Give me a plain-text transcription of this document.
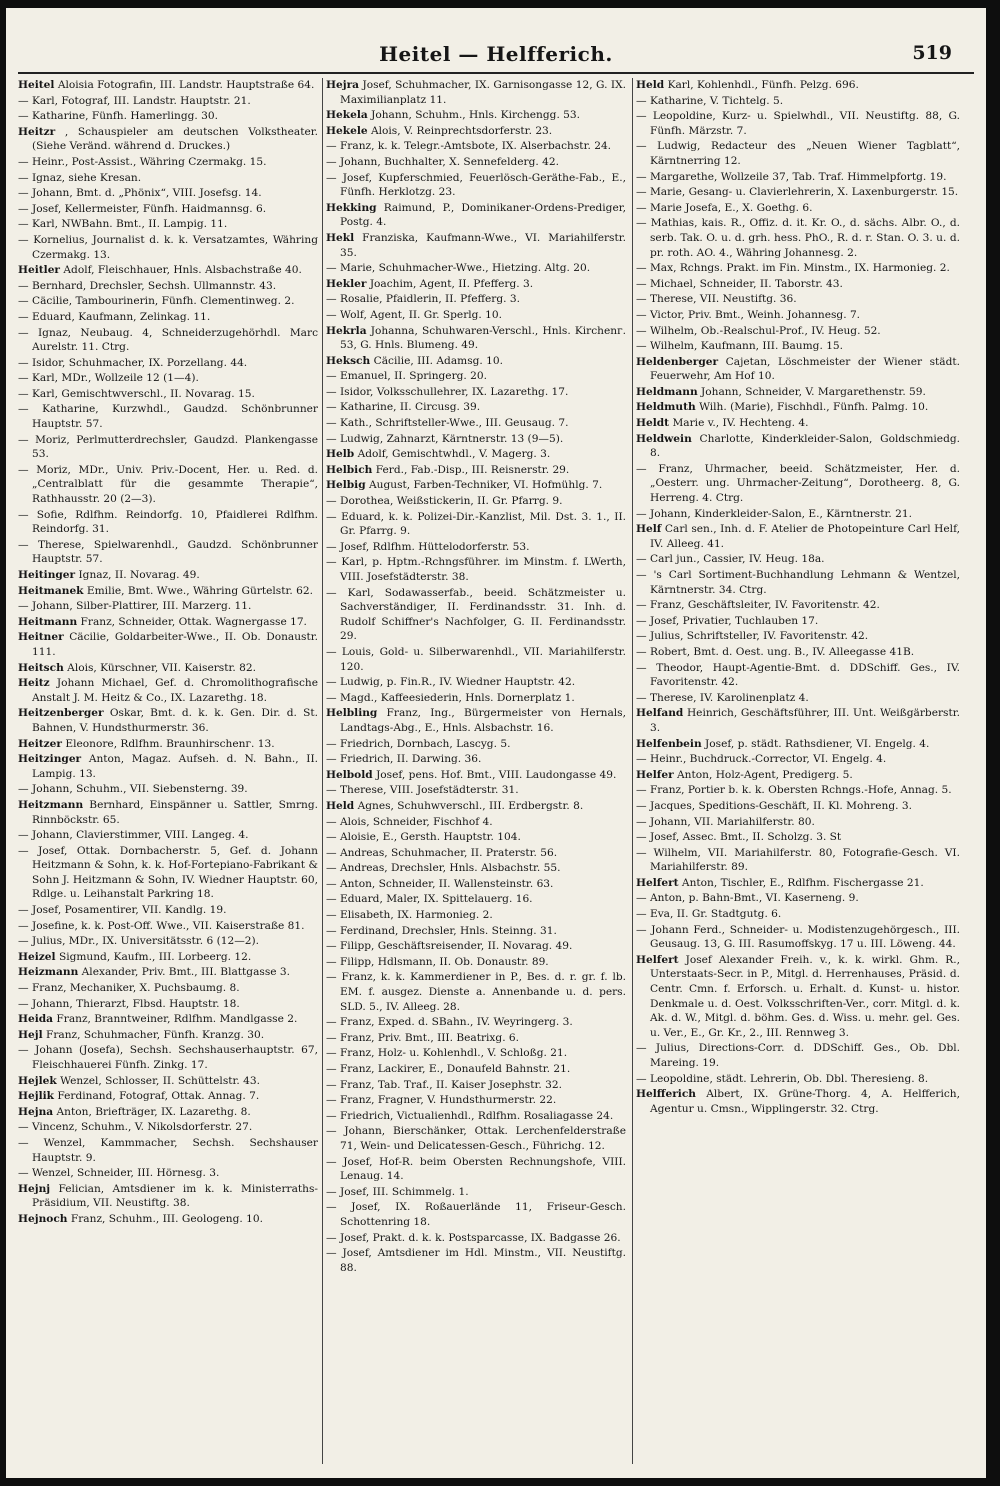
Heitel — Helfferich.	519
Heitel Aloisia Fotografin, III. Landstr. Hauptstraße 64.
— Karl, Fotograf, III. Landstr. Hauptstr. 21.
— Katharine, Fünfh. Hamerlingg. 30.
Heitzr , Schauspieler am deutschen Volkstheater. (Siehe Veränd. während d. Druckes.)
— Heinr., Post-Assist., Währing Czermakg. 15.
— Ignaz, siehe Kresan.
— Johann, Bmt. d. „Phönix“, VIII. Josefsg. 14.
— Josef, Kellermeister, Fünfh. Haidmannsg. 6.
— Karl, NWBahn. Bmt., II. Lampig. 11.
— Kornelius, Journalist d. k. k. Versatzamtes, Währing Czermakg. 13.
Heitler Adolf, Fleischhauer, Hnls. Alsbachstraße 40.
— Bernhard, Drechsler, Sechsh. Ullmannstr. 43.
— Cäcilie, Tambourinerin, Fünfh. Clementinweg. 2.
— Eduard, Kaufmann, Zelinkag. 11.
— Ignaz, Neubaug. 4, Schneiderzugehörhdl. Marc Aurelstr. 11. Ctrg.
— Isidor, Schuhmacher, IX. Porzellang. 44.
— Karl, MDr., Wollzeile 12 (1—4).
— Karl, Gemischtwverschl., II. Novarag. 15.
— Katharine, Kurzwhdl., Gaudzd. Schönbrunner Hauptstr. 57.
— Moriz, Perlmutterdrechsler, Gaudzd. Plankengasse 53.
— Moriz, MDr., Univ. Priv.-Docent, Her. u. Red. d. „Centralblatt für die gesammte Therapie“, Rathhausstr. 20 (2—3).
— Sofie, Rdlfhm. Reindorfg. 10, Pfaidlerei Rdlfhm. Reindorfg. 31.
— Therese, Spielwarenhdl., Gaudzd. Schönbrunner Hauptstr. 57.
Heitinger Ignaz, II. Novarag. 49.
Heitmanek Emilie, Bmt. Wwe., Währing Gürtelstr. 62.
— Johann, Silber-Plattirer, III. Marzerg. 11.
Heitmann Franz, Schneider, Ottak. Wagnergasse 17.
Heitner Cäcilie, Goldarbeiter-Wwe., II. Ob. Donaustr. 111.
Heitsch Alois, Kürschner, VII. Kaiserstr. 82.
Heitz Johann Michael, Gef. d. Chromolithografische Anstalt J. M. Heitz & Co., IX. Lazarethg. 18.
Heitzenberger Oskar, Bmt. d. k. k. Gen. Dir. d. St. Bahnen, V. Hundsthurmerstr. 36.
Heitzer Eleonore, Rdlfhm. Braunhirschenг. 13.
Heitzinger Anton, Magaz. Aufseh. d. N. Bahn., II. Lampig. 13.
— Johann, Schuhm., VII. Siebensterng. 39.
Heitzmann Bernhard, Einspänner u. Sattler, Smrng. Rinnböckstr. 65.
— Johann, Clavierstimmer, VIII. Langeg. 4.
— Josef, Ottak. Dornbacherstr. 5, Gef. d. Johann Heitzmann & Sohn, k. k. Hof-Fortepiano-Fabrikant & Sohn J. Heitzmann & Sohn, IV. Wiedner Hauptstr. 60, Rdlge. u. Leihanstalt Parkring 18.
— Josef, Posamentirer, VII. Kandlg. 19.
— Josefine, k. k. Post-Off. Wwe., VII. Kaiserstraße 81.
— Julius, MDr., IX. Universitätsstr. 6 (12—2).
Heizel Sigmund, Kaufm., III. Lorbeerg. 12.
Heizmann Alexander, Priv. Bmt., III. Blattgasse 3.
— Franz, Mechaniker, X. Puchsbaumg. 8.
— Johann, Thierarzt, Flbsd. Hauptstr. 18.
Heida Franz, Branntweiner, Rdlfhm. Mandlgasse 2.
Hejl Franz, Schuhmacher, Fünfh. Kranzg. 30.
— Johann (Josefa), Sechsh. Sechshauserhauptstr. 67, Fleischhauerei Fünfh. Zinkg. 17.
Hejlek Wenzel, Schlosser, II. Schüttelstr. 43.
Hejlik Ferdinand, Fotograf, Ottak. Annag. 7.
Hejna Anton, Briefträger, IX. Lazarethg. 8.
— Vincenz, Schuhm., V. Nikolsdorferstr. 27.
— Wenzel, Kammmacher, Sechsh. Sechshauser Hauptstr. 9.
— Wenzel, Schneider, III. Hörnesg. 3.
Hejnj Felician, Amtsdiener im k. k. Ministerraths-Präsidium, VII. Neustiftg. 38.
Hejnoch Franz, Schuhm., III. Geologeng. 10.
Hejra Josef, Schuhmacher, IX. Garnisongasse 12, G. IX. Maximilianplatz 11.
Hekela Johann, Schuhm., Hnls. Kirchengg. 53.
Hekele Alois, V. Reinprechtsdorferstr. 23.
— Franz, k. k. Telegr.-Amtsbote, IX. Alserbachstr. 24.
— Johann, Buchhalter, X. Sennefelderg. 42.
— Josef, Kupferschmied, Feuerlösch-Geräthe-Fab., E., Fünfh. Herklotzg. 23.
Hekking Raimund, P., Dominikaner-Ordens-Prediger, Postg. 4.
Hekl Franziska, Kaufmann-Wwe., VI. Mariahilferstr. 35.
— Marie, Schuhmacher-Wwe., Hietzing. Altg. 20.
Hekler Joachim, Agent, II. Pfefferg. 3.
— Rosalie, Pfaidlerin, II. Pfefferg. 3.
— Wolf, Agent, II. Gr. Sperlg. 10.
Hekrla Johanna, Schuhwaren-Verschl., Hnls. Kirchenг. 53, G. Hnls. Blumeng. 49.
Heksch Cäcilie, III. Adamsg. 10.
— Emanuel, II. Springerg. 20.
— Isidor, Volksschullehrer, IX. Lazarethg. 17.
— Katharine, II. Circusg. 39.
— Kath., Schriftsteller-Wwe., III. Geusaug. 7.
— Ludwig, Zahnarzt, Kärntnerstr. 13 (9—5).
Helb Adolf, Gemischtwhdl., V. Magerg. 3.
Helbich Ferd., Fab.-Disp., III. Reisnerstr. 29.
Helbig August, Farben-Techniker, VI. Hofmühlg. 7.
— Dorothea, Weißstickerin, II. Gr. Pfarrg. 9.
— Eduard, k. k. Polizei-Dir.-Kanzlist, Mil. Dst. 3. 1., II. Gr. Pfarrg. 9.
— Josef, Rdlfhm. Hüttelodorferstr. 53.
— Karl, p. Hptm.-Rchngsführer. im Minstm. f. LWerth, VIII. Josefstädterstr. 38.
— Karl, Sodawasserfab., beeid. Schätzmeister u. Sachverständiger, II. Ferdinandsstr. 31. Inh. d. Rudolf Schiffner's Nachfolger, G. II. Ferdinandsstr. 29.
— Louis, Gold- u. Silberwarenhdl., VII. Mariahilferstr. 120.
— Ludwig, p. Fin.R., IV. Wiedner Hauptstr. 42.
— Magd., Kaffeesiederin, Hnls. Dornerplatz 1.
Helbling Franz, Ing., Bürgermeister von Hernals, Landtags-Abg., E., Hnls. Alsbachstr. 16.
— Friedrich, Dornbach, Lascyg. 5.
— Friedrich, II. Darwing. 36.
Helbold Josef, pens. Hof. Bmt., VIII. Laudongasse 49.
— Therese, VIII. Josefstädterstr. 31.
Held Agnes, Schuhwverschl., III. Erdbergstr. 8.
— Alois, Schneider, Fischhof 4.
— Aloisie, E., Gersth. Hauptstr. 104.
— Andreas, Schuhmacher, II. Praterstr. 56.
— Andreas, Drechsler, Hnls. Alsbachstr. 55.
— Anton, Schneider, II. Wallensteinstr. 63.
— Eduard, Maler, IX. Spittelauerg. 16.
— Elisabeth, IX. Harmonieg. 2.
— Ferdinand, Drechsler, Hnls. Steinng. 31.
— Filipp, Geschäftsreisender, II. Novarag. 49.
— Filipp, Hdlsmann, II. Ob. Donaustr. 89.
— Franz, k. k. Kammerdiener in P., Bes. d. r. gr. f. lb. EM. f. ausgez. Dienste a. Annenbande u. d. pers. SLD. 5., IV. Alleeg. 28.
— Franz, Exped. d. SBahn., IV. Weyringerg. 3.
— Franz, Priv. Bmt., III. Beatrixg. 6.
— Franz, Holz- u. Kohlenhdl., V. Schloßg. 21.
— Franz, Lackirer, E., Donaufeld Bahnstr. 21.
— Franz, Tab. Traf., II. Kaiser Josephstr. 32.
— Franz, Fragner, V. Hundsthurmerstr. 22.
— Friedrich, Victualienhdl., Rdlfhm. Rosaliagasse 24.
— Johann, Bierschänker, Ottak. Lerchenfelderstraße 71, Wein- und Delicatessen-Gesch., Führichg. 12.
— Josef, Hof-R. beim Obersten Rechnungshofe, VIII. Lenaug. 14.
— Josef, III. Schimmelg. 1.
— Josef, IX. Roßauerlände 11, Friseur-Gesch. Schottenring 18.
— Josef, Prakt. d. k. k. Postsparcasse, IX. Badgasse 26.
— Josef, Amtsdiener im Hdl. Minstm., VII. Neustiftg. 88.
Held Karl, Kohlenhdl., Fünfh. Pelzg. 696.
— Katharine, V. Tichtelg. 5.
— Leopoldine, Kurz- u. Spielwhdl., VII. Neustiftg. 88, G. Fünfh. Märzstr. 7.
— Ludwig, Redacteur des „Neuen Wiener Tagblatt“, Kärntnerring 12.
— Margarethe, Wollzeile 37, Tab. Traf. Himmelpfortg. 19.
— Marie, Gesang- u. Clavierlehrerin, X. Laxenburgerstr. 15.
— Marie Josefa, E., X. Goethg. 6.
— Mathias, kais. R., Offiz. d. it. Kr. O., d. sächs. Albr. O., d. serb. Tak. O. u. d. grh. hess. PhO., R. d. r. Stan. O. 3. u. d. pr. roth. AO. 4., Währing Johannesg. 2.
— Max, Rchngs. Prakt. im Fin. Minstm., IX. Harmonieg. 2.
— Michael, Schneider, II. Taborstr. 43.
— Therese, VII. Neustiftg. 36.
— Victor, Priv. Bmt., Weinh. Johannesg. 7.
— Wilhelm, Ob.-Realschul-Prof., IV. Heug. 52.
— Wilhelm, Kaufmann, III. Baumg. 15.
Heldenberger Cajetan, Löschmeister der Wiener städt. Feuerwehr, Am Hof 10.
Heldmann Johann, Schneider, V. Margarethenstr. 59.
Heldmuth Wilh. (Marie), Fischhdl., Fünfh. Palmg. 10.
Heldt Marie v., IV. Hechteng. 4.
Heldwein Charlotte, Kinderkleider-Salon, Goldschmiedg. 8.
— Franz, Uhrmacher, beeid. Schätzmeister, Her. d. „Oesterr. ung. Uhrmacher-Zeitung“, Dorotheerg. 8, G. Herreng. 4. Ctrg.
— Johann, Kinderkleider-Salon, E., Kärntnerstr. 21.
Helf Carl sen., Inh. d. F. Atelier de Photopeinture Carl Helf, IV. Alleeg. 41.
— Carl jun., Cassier, IV. Heug. 18a.
— 's Carl Sortiment-Buchhandlung Lehmann & Wentzel, Kärntnerstr. 34. Ctrg.
— Franz, Geschäftsleiter, IV. Favoritenstr. 42.
— Josef, Privatier, Tuchlauben 17.
— Julius, Schriftsteller, IV. Favoritenstr. 42.
— Robert, Bmt. d. Oest. ung. B., IV. Alleegasse 41B.
— Theodor, Haupt-Agentie-Bmt. d. DDSchiff. Ges., IV. Favoritenstr. 42.
— Therese, IV. Karolinenplatz 4.
Helfand Heinrich, Geschäftsführer, III. Unt. Weißgärberstr. 3.
Helfenbein Josef, p. städt. Rathsdiener, VI. Engelg. 4.
— Heinr., Buchdruck.-Corrector, VI. Engelg. 4.
Helfer Anton, Holz-Agent, Predigerg. 5.
— Franz, Portier b. k. k. Obersten Rchngs.-Hofe, Annag. 5.
— Jacques, Speditions-Geschäft, II. Kl. Mohreng. 3.
— Johann, VII. Mariahilferstr. 80.
— Josef, Assec. Bmt., II. Scholzg. 3. St
— Wilhelm, VII. Mariahilferstr. 80, Fotografie-Gesch. VI. Mariahilferstr. 89.
Helfert Anton, Tischler, E., Rdlfhm. Fischergasse 21.
— Anton, p. Bahn-Bmt., VI. Kaserneng. 9.
— Eva, II. Gr. Stadtgutg. 6.
— Johann Ferd., Schneider- u. Modistenzugehörgesch., III. Geusaug. 13, G. III. Rasumoffskyg. 17 u. III. Löweng. 44.
Helfert Josef Alexander Freih. v., k. k. wirkl. Ghm. R., Unterstaats-Secr. in P., Mitgl. d. Herrenhauses, Präsid. d. Centr. Cmn. f. Erforsch. u. Erhalt. d. Kunst- u. histor. Denkmale u. d. Oest. Volksschriften-Ver., corr. Mitgl. d. k. Ak. d. W., Mitgl. d. böhm. Ges. d. Wiss. u. mehr. gel. Ges. u. Ver., E., Gr. Kr., 2., III. Rennweg 3.
— Julius, Directions-Corr. d. DDSchiff. Ges., Ob. Dbl. Mareing. 19.
— Leopoldine, städt. Lehrerin, Ob. Dbl. Theresieng. 8.
Helfferich Albert, IX. Grüne-Thorg. 4, A. Helfferich, Agentur u. Cmsn., Wipplingerstr. 32. Ctrg.
